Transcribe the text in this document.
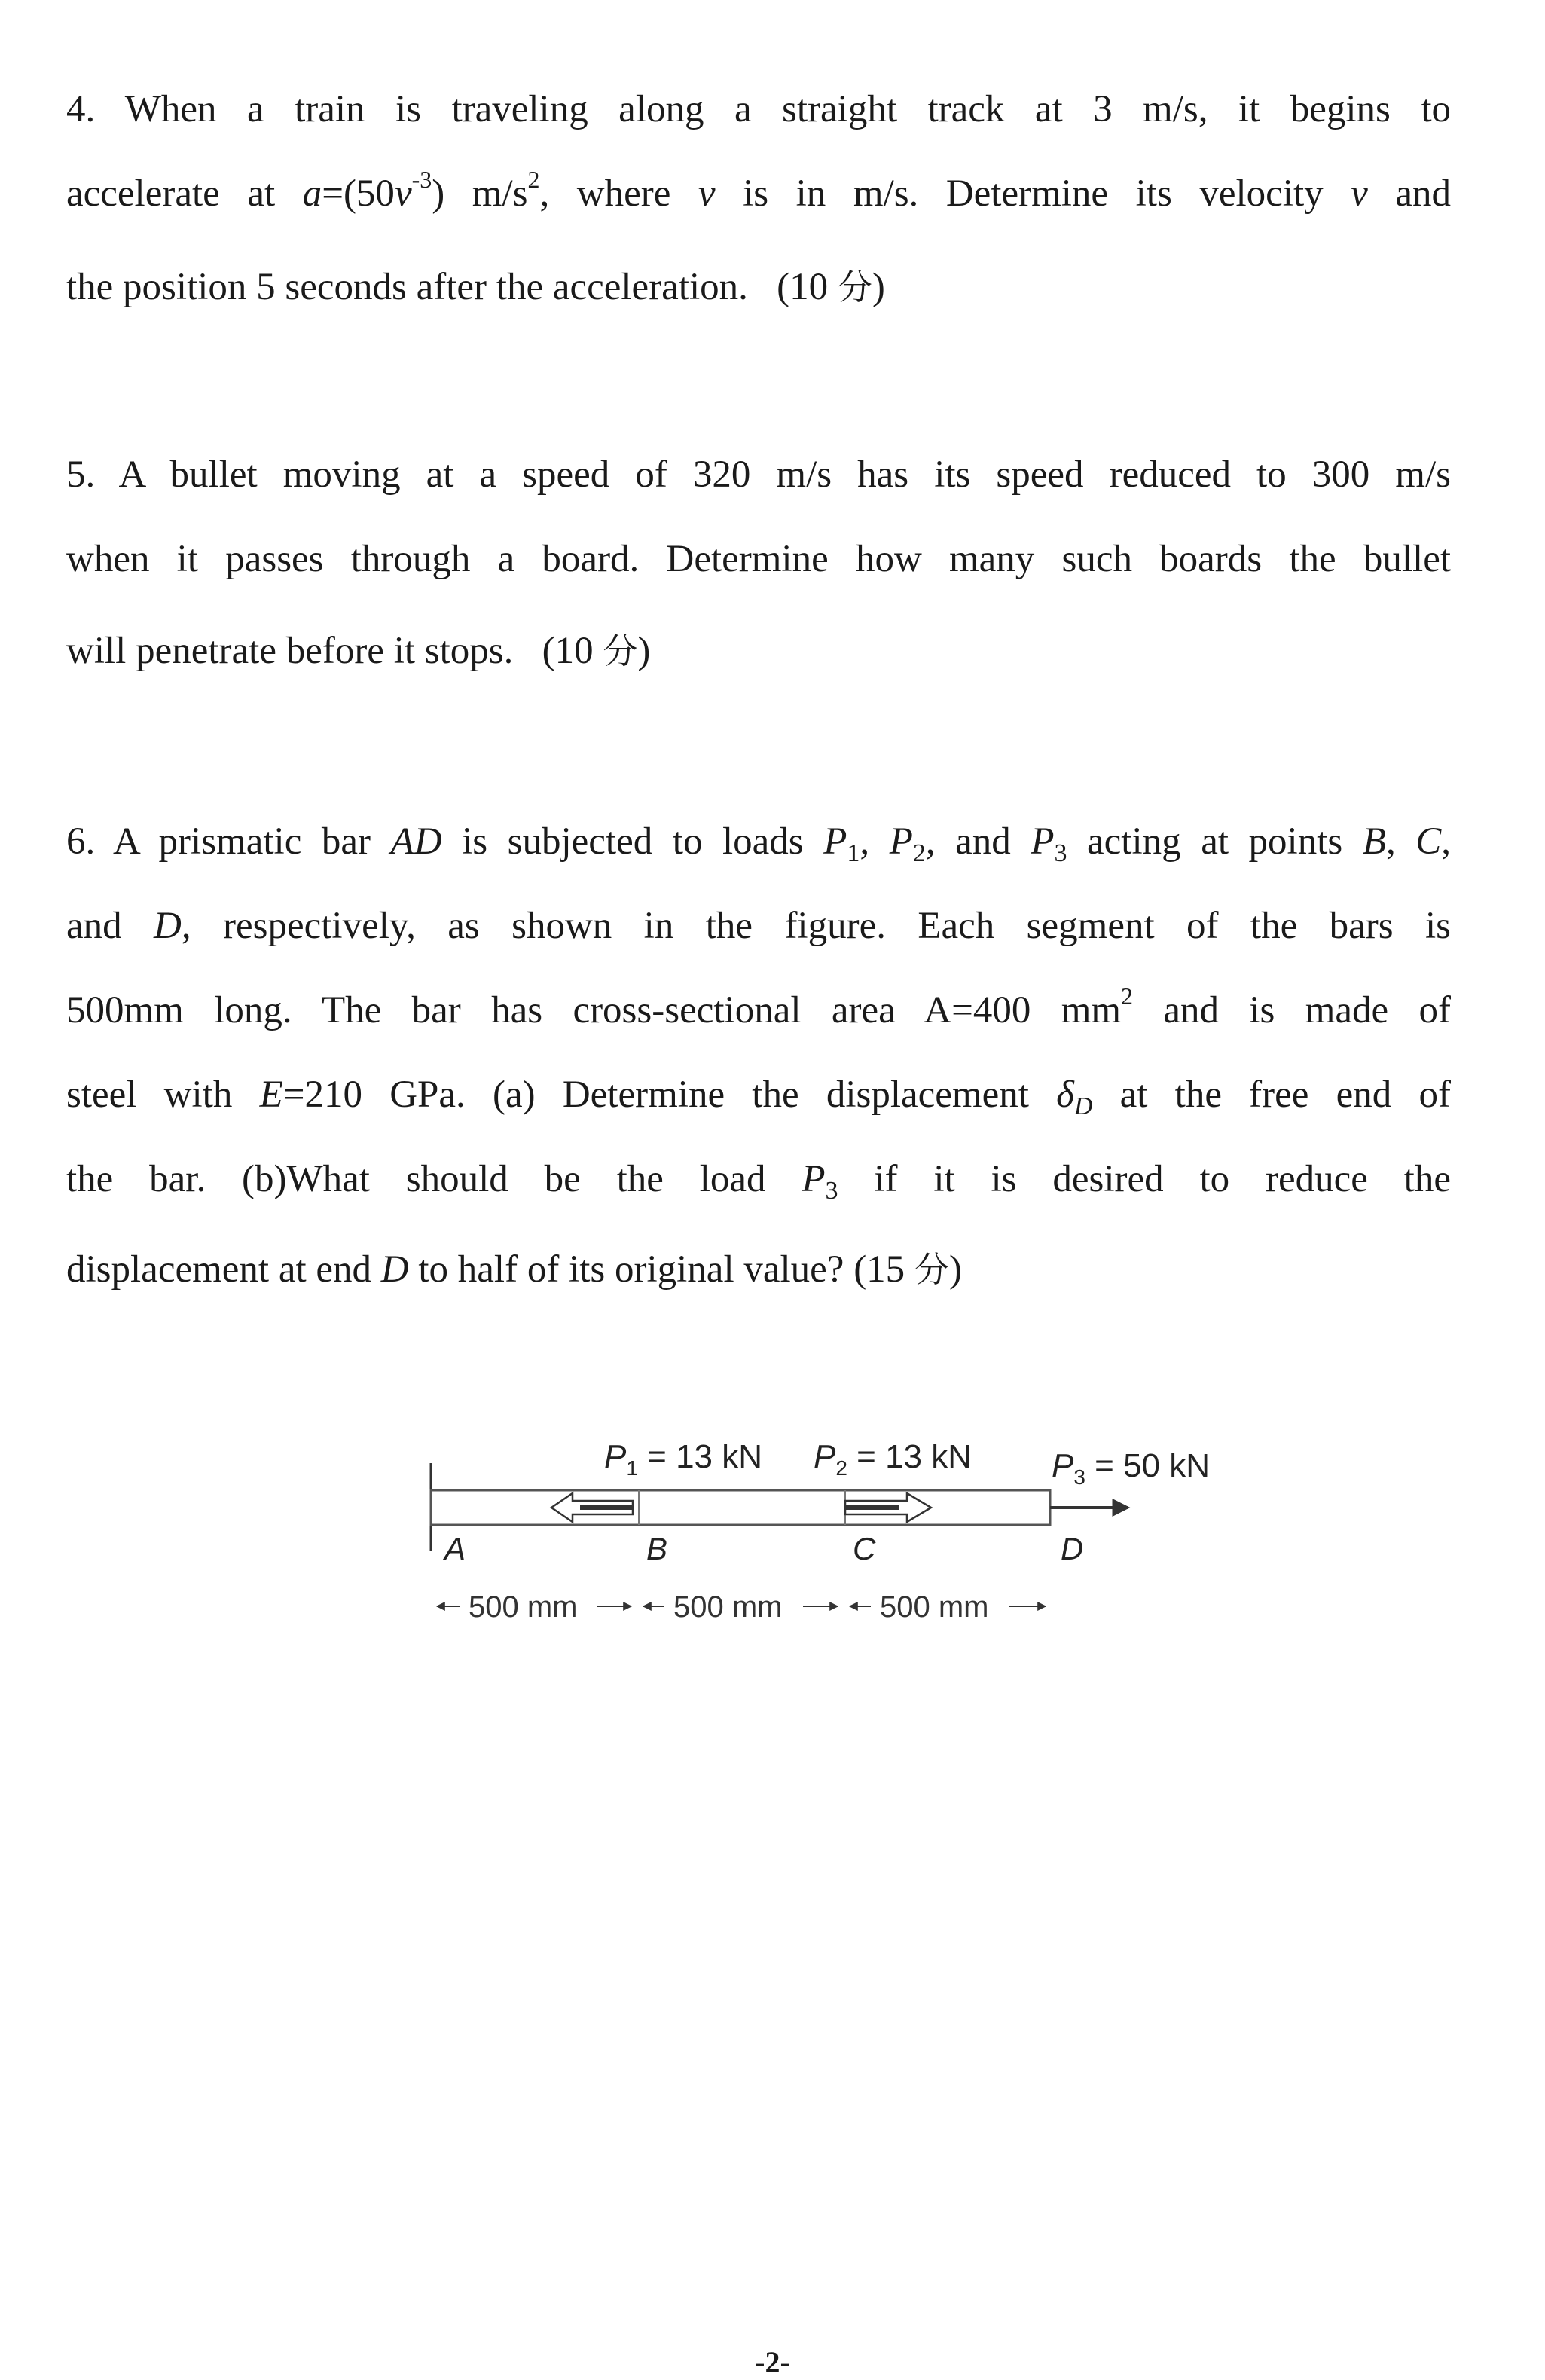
4. When a train is traveling along a straight track at 3 m/s, it begins to
accelerate at $a=(50v^{-3})$ $m/s^2$, where v is in m/s. Determine its velocity v and
the position 5 seconds after the acceleration. (10 分)
5. A bullet moving at a speed of 320 m/s has its speed reduced to 300 m/s
when it passes through a board. Determine how many such boards the bullet
will penetrate before it stops. (10 分)
6. A prismatic bar AD is subjected to loads $P_1$, $P_2$, and $P_3$ acting at points B, C,
and D, respectively, as shown in the figure. Each segment of the bars is
500mm long. The bar has cross-sectional area A=400 $mm^2$ and is made of
steel with E=210 GPa. (a) Determine the displacement $\delta_D$ at the free end of
the bar. (b)What should be the load $P_3$ if it is desired to reduce the
displacement at end D to half of its original value? (15 分)
$P_1 = 13$ kN $P_2 = 13$ kN $P_3 = 50$ kN
A	B	C	D
500 mm	500 mm	500 mm
-2-
